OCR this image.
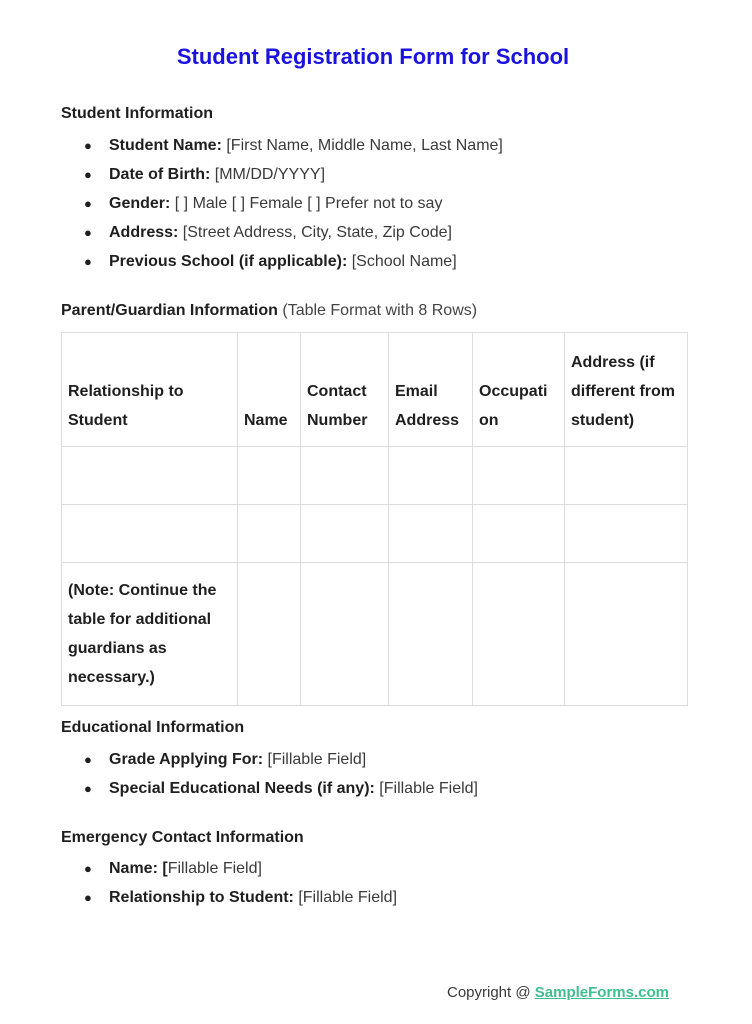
Student Registration Form for School
Student Information
● Student Name: [First Name, Middle Name, Last Name]
● Date of Birth: [MM/DD/YYYY]
● Gender: [ ] Male [ ] Female [ ] Prefer not to say
● Address: [Street Address, City, State, Zip Code]
● Previous School (if applicable): [School Name]
Parent/Guardian Information (Table Format with 8 Rows)
Relationship to Student	Name	Contact Number	Email Address	Occupati on	Address (if different from student)

(Note: Continue the table for additional guardians as necessary.)					
Educational Information
● Grade Applying For: [Fillable Field]
● Special Educational Needs (if any): [Fillable Field]
Emergency Contact Information
● Name: [Fillable Field]
● Relationship to Student: [Fillable Field]
Copyright @ SampleForms.com
